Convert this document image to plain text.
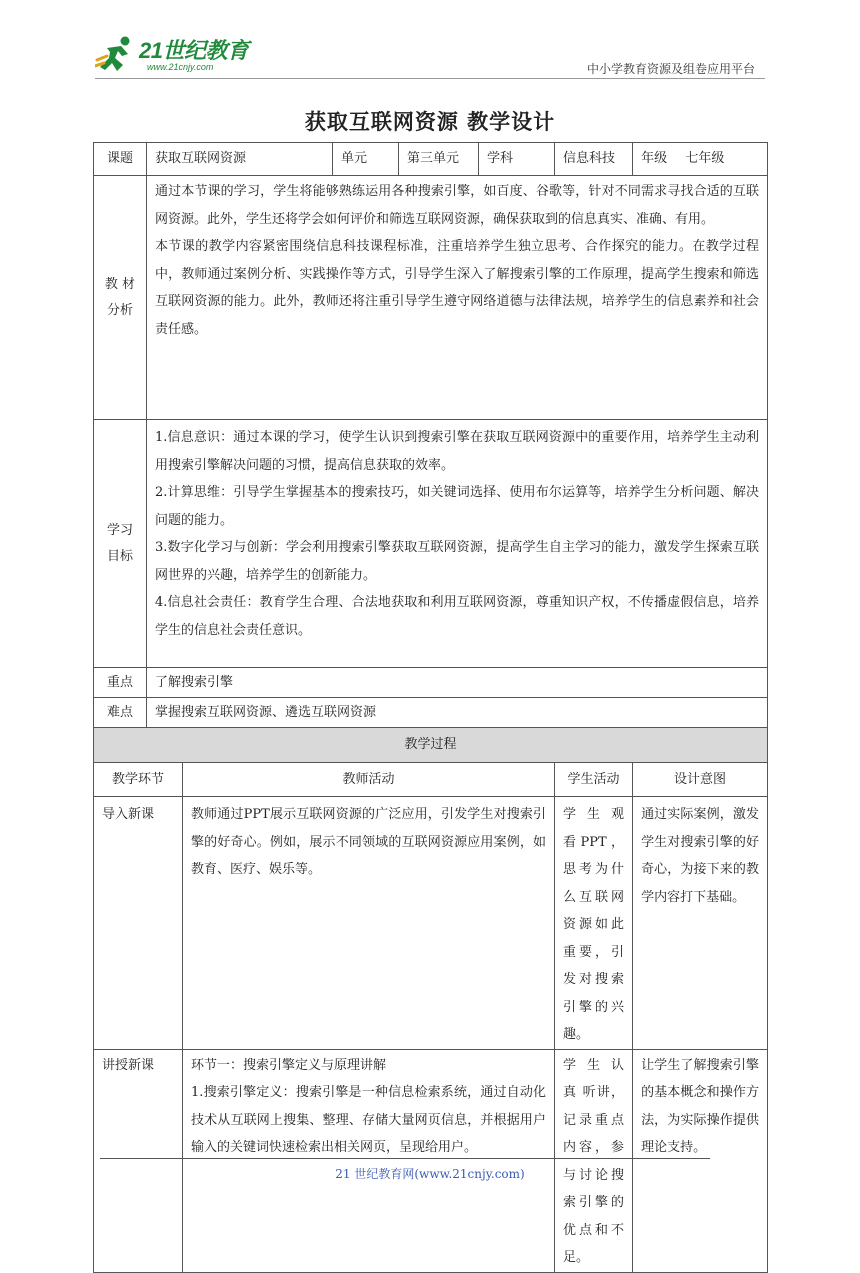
21世纪教育
www.21cnjy.com	中小学教育资源及组卷应用平台
获取互联网资源 教学设计
课题	获取互联网资源		单元	第三单元	学科	信息科技	年级 七年级
教 材分析	通过本节课的学习，学生将能够熟练运用各种搜索引擎，如百度、谷歌等，针对不同需求寻找合适的互联网资源。此外，学生还将学会如何评价和筛选互联网资源，确保获取到的信息真实、准确、有用。

本节课的教学内容紧密围绕信息科技课程标准，注重培养学生独立思考、合作探究的能力。在教学过程中，教师通过案例分析、实践操作等方式，引导学生深入了解搜索引擎的工作原理，提高学生搜索和筛选互联网资源的能力。此外，教师还将注重引导学生遵守网络道德与法律法规，培养学生的信息素养和社会责任感。						

学习目标	1.信息意识：通过本课的学习，使学生认识到搜索引擎在获取互联网资源中的重要作用，培养学生主动利用搜索引擎解决问题的习惯，提高信息获取的效率。

2.计算思维：引导学生掌握基本的搜索技巧，如关键词选择、使用布尔运算等，培养学生分析问题、解决问题的能力。

3.数字化学习与创新：学会利用搜索引擎获取互联网资源，提高学生自主学习的能力，激发学生探索互联网世界的兴趣，培养学生的创新能力。

4.信息社会责任：教育学生合理、合法地获取和利用互联网资源，尊重知识产权，不传播虚假信息，培养学生的信息社会责任意识。						

重点	了解搜索引擎						
难点	掌握搜索互联网资源、遴选互联网资源						
教学过程							
教学环节		教师活动				学生活动	设计意图
导入新课		教师通过PPT展示互联网资源的广泛应用，引发学生对搜索引擎的好奇心。例如，展示不同领域的互联网资源应用案例，如教育、医疗、娱乐等。				学 生 观 看PPT，思考为什么互联网资源如此重要，引发对搜索引擎的兴趣。	通过实际案例，激发学生对搜索引擎的好奇心，为接下来的教学内容打下基础。
讲授新课		环节一：搜索引擎定义与原理讲解

1.搜索引擎定义：搜索引擎是一种信息检索系统，通过自动化技术从互联网上搜集、整理、存储大量网页信息，并根据用户输入的关键词快速检索出相关网页，呈现给用户。				学 生 认 真 听讲，记录重点内容，参与讨论搜索引擎的优点和不足。	让学生了解搜索引擎的基本概念和操作方法，为实际操作提供理论支持。
21 世纪教育网(www.21cnjy.com)
